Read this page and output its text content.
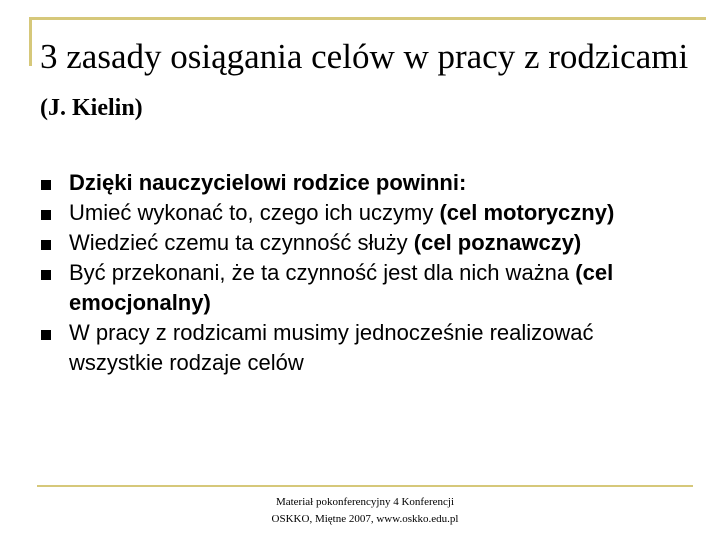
3 zasady osiągania celów w pracy z rodzicami (J. Kielin)
Dzięki nauczycielowi rodzice powinni:
Umieć wykonać to, czego ich uczymy (cel motoryczny)
Wiedzieć czemu ta czynność służy (cel poznawczy)
Być przekonani, że ta czynność jest dla nich ważna (cel emocjonalny)
W pracy z rodzicami musimy jednocześnie realizować wszystkie rodzaje celów
Materiał pokonferencyjny 4 Konferencji
OSKKO, Miętne 2007, www.oskko.edu.pl
